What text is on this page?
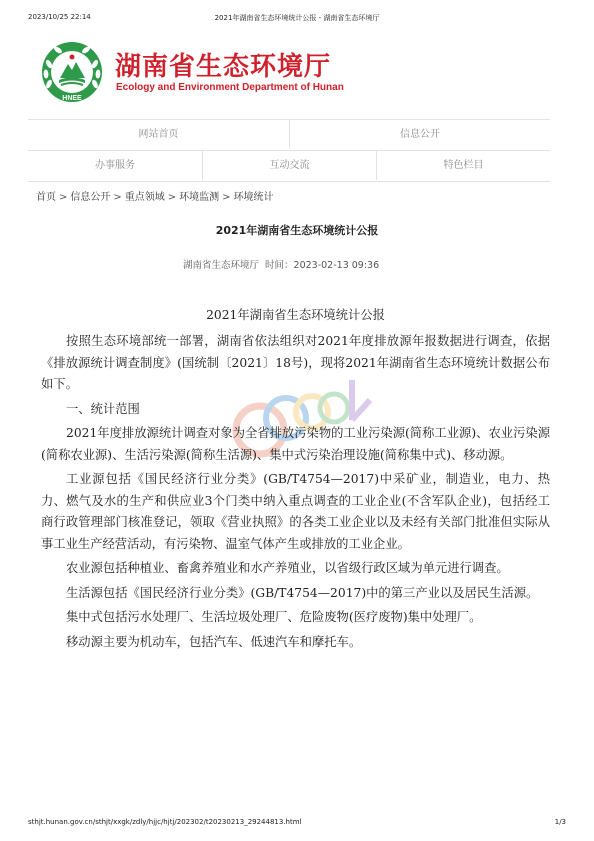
2023/10/25 22:14	2021年湖南省生态环境统计公报 - 湖南省生态环境厅
HNEE
湖南省生态环境厅
Ecology and Environment Department of Hunan
网站首页	信息公开
办事服务	互动交流	特色栏目
首页 > 信息公开 > 重点领域 > 环境监测 > 环境统计
2021年湖南省生态环境统计公报
湖南省生态环境厅 时间：2023-02-13 09:36
2021年湖南省生态环境统计公报

按照生态环境部统一部署，湖南省依法组织对2021年度排放源年报数据进行调查，依据《排放源统计调查制度》(国统制〔2021〕18号)，现将2021年湖南省生态环境统计数据公布如下。

一、统计范围

2021年度排放源统计调查对象为全省排放污染物的工业污染源(简称工业源)、农业污染源(简称农业源)、生活污染源(简称生活源)、集中式污染治理设施(简称集中式)、移动源。

工业源包括《国民经济行业分类》(GB/T4754—2017)中采矿业，制造业，电力、热力、燃气及水的生产和供应业3个门类中纳入重点调查的工业企业(不含军队企业)，包括经工商行政管理部门核准登记，领取《营业执照》的各类工业企业以及未经有关部门批准但实际从事工业生产经营活动，有污染物、温室气体产生或排放的工业企业。

农业源包括种植业、畜禽养殖业和水产养殖业，以省级行政区域为单元进行调查。

生活源包括《国民经济行业分类》(GB/T4754—2017)中的第三产业以及居民生活源。

集中式包括污水处理厂、生活垃圾处理厂、危险废物(医疗废物)集中处理厂。

移动源主要为机动车，包括汽车、低速汽车和摩托车。

sthjt.hunan.gov.cn/sthjt/xxgk/zdly/hjjc/hjtj/202302/t20230213_29244813.html	1/3
